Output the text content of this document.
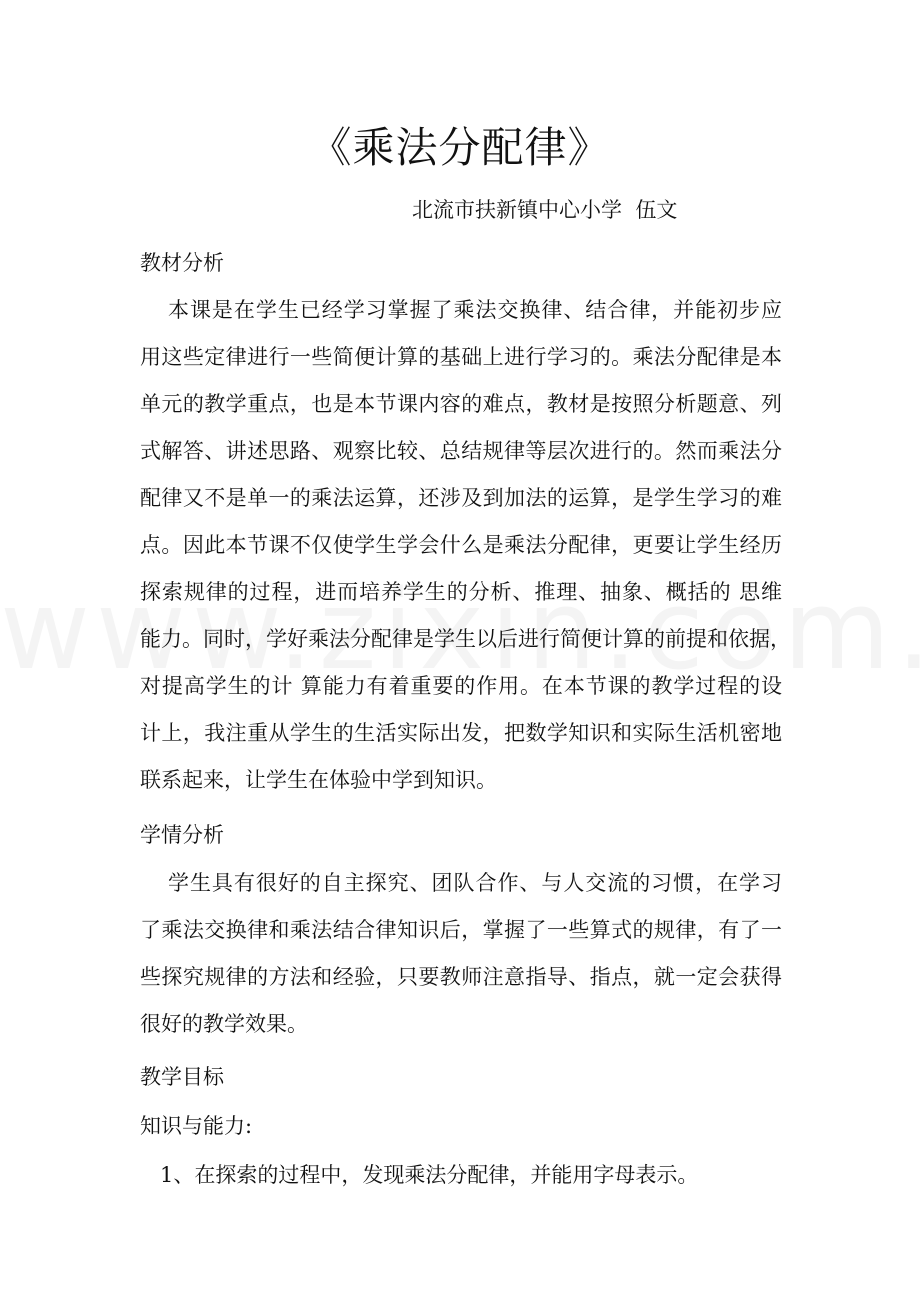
《乘法分配律》
北流市扶新镇中心小学  伍文
教材分析
本课是在学生已经学习掌握了乘法交换律、结合律，并能初步应
用这些定律进行一些简便计算的基础上进行学习的。乘法分配律是本
单元的教学重点，也是本节课内容的难点，教材是按照分析题意、列
式解答、讲述思路、观察比较、总结规律等层次进行的。然而乘法分
配律又不是单一的乘法运算，还涉及到加法的运算，是学生学习的难
点。因此本节课不仅使学生学会什么是乘法分配律，更要让学生经历
探索规律的过程，进而培养学生的分析、推理、抽象、概括的 思维
能力。同时，学好乘法分配律是学生以后进行简便计算的前提和依据，
对提高学生的计 算能力有着重要的作用。在本节课的教学过程的设
计上，我注重从学生的生活实际出发，把数学知识和实际生活机密地
联系起来，让学生在体验中学到知识。
学情分析
学生具有很好的自主探究、团队合作、与人交流的习惯，在学习
了乘法交换律和乘法结合律知识后，掌握了一些算式的规律，有了一
些探究规律的方法和经验，只要教师注意指导、指点，就一定会获得
很好的教学效果。
教学目标
知识与能力:
1、在探索的过程中，发现乘法分配律，并能用字母表示。
